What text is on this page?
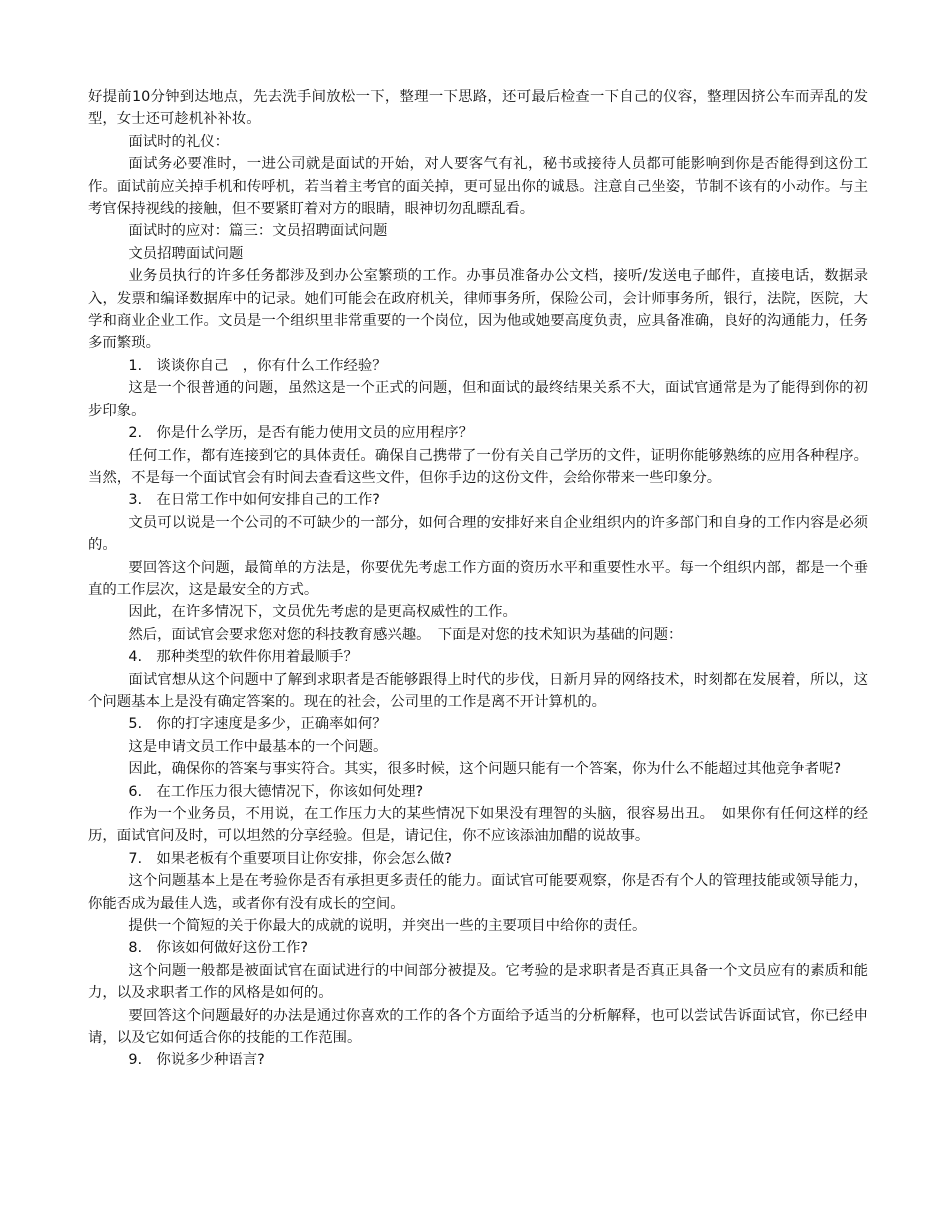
好提前10分钟到达地点，先去洗手间放松一下，整理一下思路，还可最后检查一下自己的仪容，整理因挤公车而弄乱的发型，女士还可趁机补补妆。

面试时的礼仪：

面试务必要准时，一进公司就是面试的开始，对人要客气有礼，秘书或接待人员都可能影响到你是否能得到这份工作。面试前应关掉手机和传呼机，若当着主考官的面关掉，更可显出你的诚恳。注意自己坐姿，节制不该有的小动作。与主考官保持视线的接触，但不要紧盯着对方的眼睛，眼神切勿乱瞟乱看。

面试时的应对：篇三：文员招聘面试问题

文员招聘面试问题

业务员执行的许多任务都涉及到办公室繁琐的工作。办事员准备办公文档，接听/发送电子邮件，直接电话，数据录入，发票和编译数据库中的记录。她们可能会在政府机关，律师事务所，保险公司，会计师事务所，银行，法院，医院，大学和商业企业工作。文员是一个组织里非常重要的一个岗位，因为他或她要高度负责，应具备准确，良好的沟通能力，任务多而繁琐。

1.　谈谈你自己　，你有什么工作经验？

这是一个很普通的问题，虽然这是一个正式的问题，但和面试的最终结果关系不大，面试官通常是为了能得到你的初步印象。

2.　你是什么学历，是否有能力使用文员的应用程序？

任何工作，都有连接到它的具体责任。确保自己携带了一份有关自己学历的文件，证明你能够熟练的应用各种程序。当然，不是每一个面试官会有时间去查看这些文件，但你手边的这份文件，会给你带来一些印象分。

3.　在日常工作中如何安排自己的工作?

文员可以说是一个公司的不可缺少的一部分，如何合理的安排好来自企业组织内的许多部门和自身的工作内容是必须的。

要回答这个问题，最简单的方法是，你要优先考虑工作方面的资历水平和重要性水平。每一个组织内部，都是一个垂直的工作层次，这是最安全的方式。

因此，在许多情况下，文员优先考虑的是更高权威性的工作。

然后，面试官会要求您对您的科技教育感兴趣。　下面是对您的技术知识为基础的问题：

4.　那种类型的软件你用着最顺手？

面试官想从这个问题中了解到求职者是否能够跟得上时代的步伐，日新月异的网络技术，时刻都在发展着，所以，这个问题基本上是没有确定答案的。现在的社会，公司里的工作是离不开计算机的。

5.　你的打字速度是多少，正确率如何？

这是申请文员工作中最基本的一个问题。

因此，确保你的答案与事实符合。其实，很多时候，这个问题只能有一个答案，你为什么不能超过其他竞争者呢?

6.　在工作压力很大德情况下，你该如何处理?

作为一个业务员，不用说，在工作压力大的某些情况下如果没有理智的头脑，很容易出丑。　如果你有任何这样的经历，面试官问及时，可以坦然的分享经验。但是，请记住，你不应该添油加醋的说故事。

7.　如果老板有个重要项目让你安排，你会怎么做?

这个问题基本上是在考验你是否有承担更多责任的能力。面试官可能要观察，你是否有个人的管理技能或领导能力，你能否成为最佳人选，或者你有没有成长的空间。

提供一个简短的关于你最大的成就的说明，并突出一些的主要项目中给你的责任。

8.　你该如何做好这份工作?

这个问题一般都是被面试官在面试进行的中间部分被提及。它考验的是求职者是否真正具备一个文员应有的素质和能力，以及求职者工作的风格是如何的。

要回答这个问题最好的办法是通过你喜欢的工作的各个方面给予适当的分析解释，也可以尝试告诉面试官，你已经申请，以及它如何适合你的技能的工作范围。

9.　你说多少种语言?
